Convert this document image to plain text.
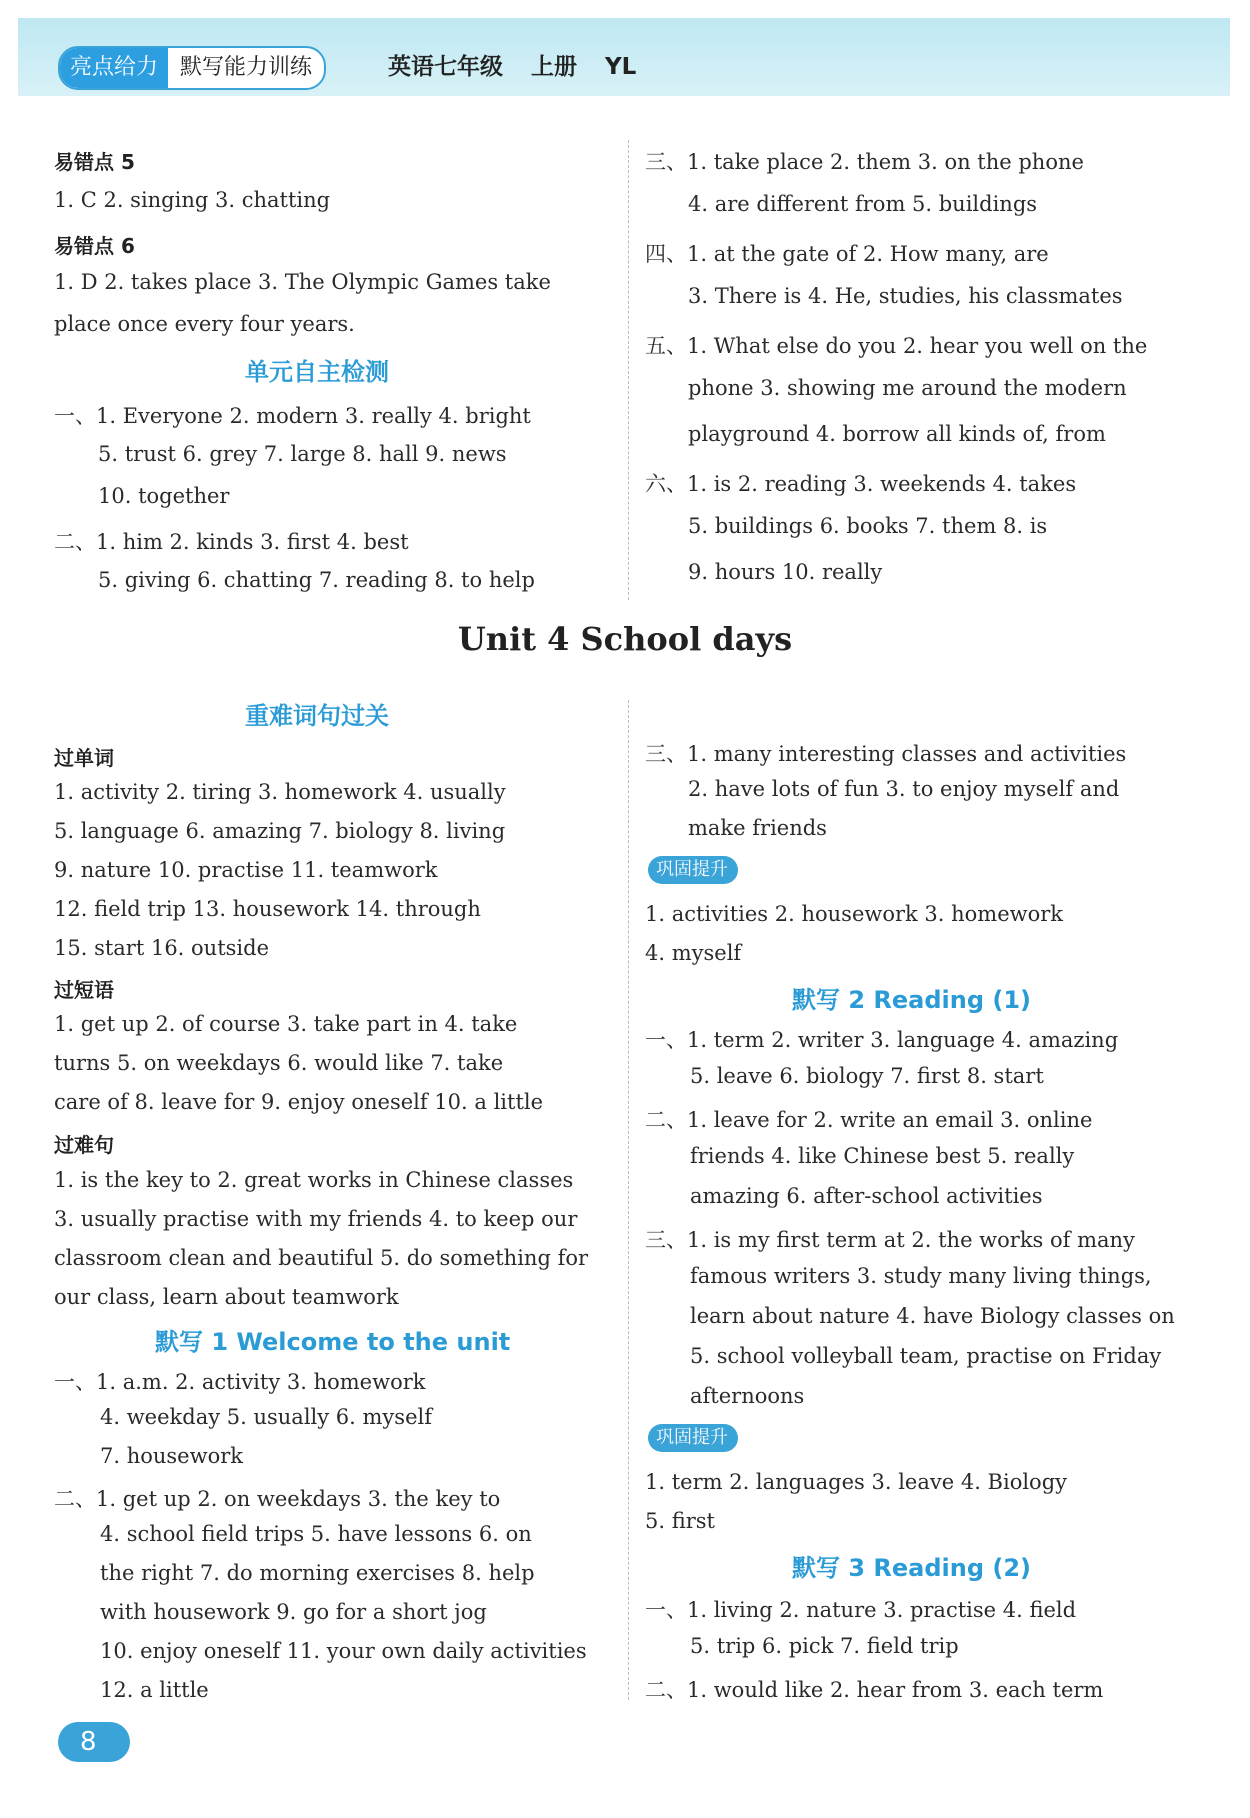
亮点给力	默写能力训练	英语七年级 上册 YL
易错点 5
1. C 2. singing 3. chatting
易错点 6
1. D 2. takes place 3. The Olympic Games take
place once every four years.
单元自主检测
一、1. Everyone 2. modern 3. really 4. bright
5. trust 6. grey 7. large 8. hall 9. news
10. together
二、1. him 2. kinds 3. first 4. best
5. giving 6. chatting 7. reading 8. to help
三、1. take place 2. them 3. on the phone
4. are different from 5. buildings
四、1. at the gate of 2. How many, are
3. There is 4. He, studies, his classmates
五、1. What else do you 2. hear you well on the
phone 3. showing me around the modern
playground 4. borrow all kinds of, from
六、1. is 2. reading 3. weekends 4. takes
5. buildings 6. books 7. them 8. is
9. hours 10. really
Unit 4 School days
重难词句过关
过单词
1. activity 2. tiring 3. homework 4. usually
5. language 6. amazing 7. biology 8. living
9. nature 10. practise 11. teamwork
12. field trip 13. housework 14. through
15. start 16. outside
过短语
1. get up 2. of course 3. take part in 4. take
turns 5. on weekdays 6. would like 7. take
care of 8. leave for 9. enjoy oneself 10. a little
过难句
1. is the key to 2. great works in Chinese classes
3. usually practise with my friends 4. to keep our
classroom clean and beautiful 5. do something for
our class, learn about teamwork
默写 1 Welcome to the unit
一、1. a.m. 2. activity 3. homework
4. weekday 5. usually 6. myself
7. housework
二、1. get up 2. on weekdays 3. the key to
4. school field trips 5. have lessons 6. on
the right 7. do morning exercises 8. help
with housework 9. go for a short jog
10. enjoy oneself 11. your own daily activities
12. a little
三、1. many interesting classes and activities
2. have lots of fun 3. to enjoy myself and
make friends
巩固提升
1. activities 2. housework 3. homework
4. myself
默写 2 Reading (1)
一、1. term 2. writer 3. language 4. amazing
5. leave 6. biology 7. first 8. start
二、1. leave for 2. write an email 3. online
friends 4. like Chinese best 5. really
amazing 6. after-school activities
三、1. is my first term at 2. the works of many
famous writers 3. study many living things,
learn about nature 4. have Biology classes on
5. school volleyball team, practise on Friday
afternoons
巩固提升
1. term 2. languages 3. leave 4. Biology
5. first
默写 3 Reading (2)
一、1. living 2. nature 3. practise 4. field
5. trip 6. pick 7. field trip
二、1. would like 2. hear from 3. each term
8
